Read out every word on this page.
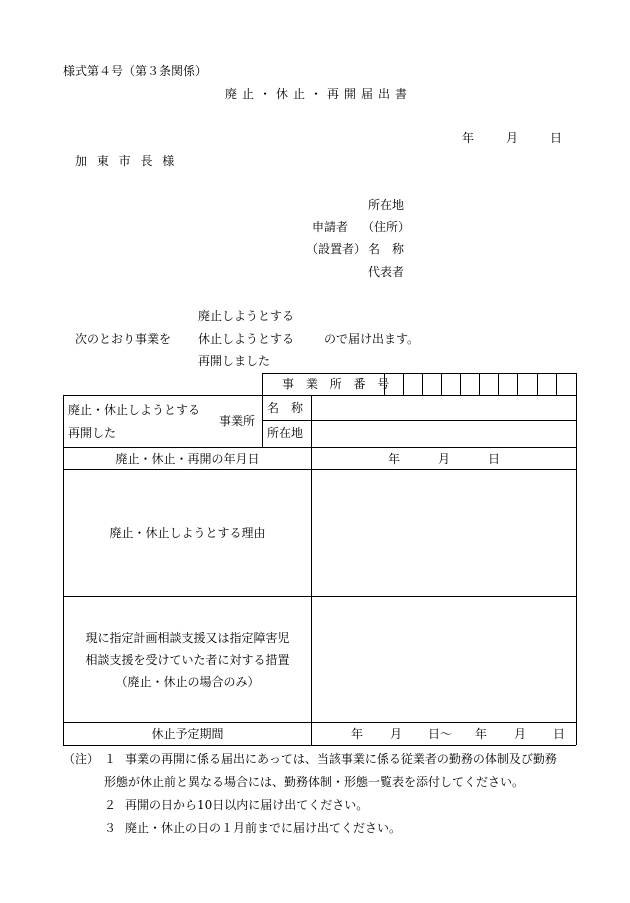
様式第４号（第３条関係）
廃止・休止・再開届出書
年	月	日
加 東 市 長 様
所在地
申請者 （住所）
（設置者） 名　称
代表者
廃止しようとする
次のとおり事業を 休止しようとする ので届け出ます。
再開しました
事 業 所 番 号
廃止・休止しようとする
再開した
事業所
名　称
所在地
廃止・休止・再開の年月日	年	月	日
廃止・休止しようとする理由
現に指定計画相談支援又は指定障害児
相談支援を受けていた者に対する措置
（廃止・休止の場合のみ）
休止予定期間	年 月 日～ 年 月 日
（注） １ 事業の再開に係る届出にあっては、当該事業に係る従業者の勤務の体制及び勤務
形態が休止前と異なる場合には、勤務体制・形態一覧表を添付してください。
２ 再開の日から10日以内に届け出てください。
３ 廃止・休止の日の１月前までに届け出てください。
